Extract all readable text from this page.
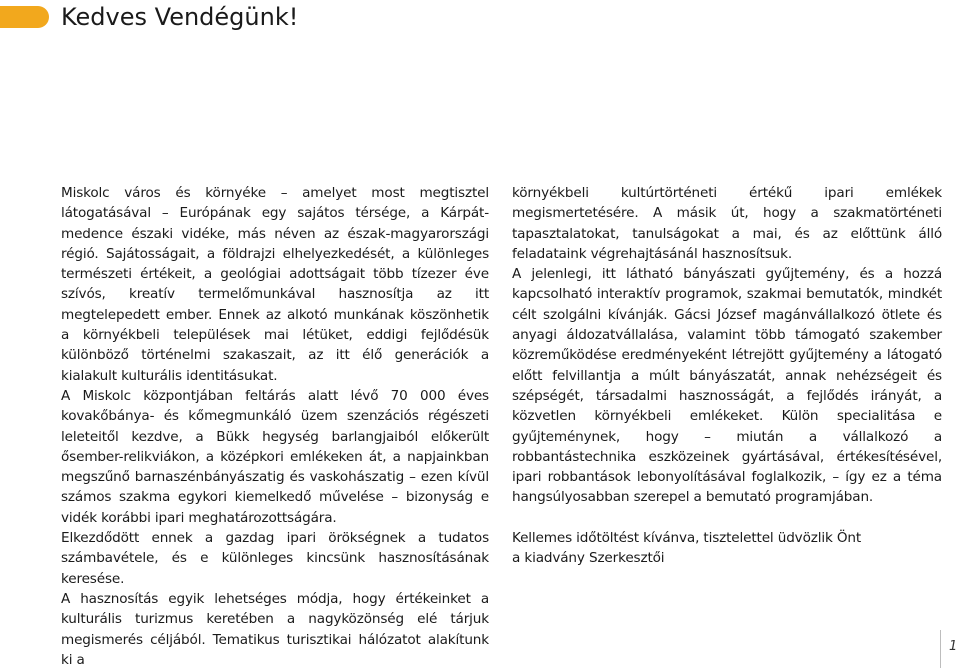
Kedves Vendégünk!

Miskolc város és környéke – amelyet most megtisztel látogatásával – Európának egy sajátos térsége, a Kárpát-medence északi vidéke, más néven az észak-magyarországi régió. Sajátosságait, a földrajzi elhelyezkedését, a különleges természeti értékeit, a geológiai adottságait több tízezer éve szívós, kreatív termelőmunkával hasznosítja az itt megtelepedett ember. Ennek az alkotó munkának köszönhetik a környékbeli települések mai létüket, eddigi fejlődésük különböző történelmi szakaszait, az itt élő generációk a kialakult kulturális identitásukat.

A Miskolc központjában feltárás alatt lévő 70 000 éves kovakőbánya- és kőmegmunkáló üzem szenzációs régészeti leleteitől kezdve, a Bükk hegység barlangjaiból előkerült ősember-relikviákon, a középkori emlékeken át, a napjainkban megszűnő barnaszénbányászatig és vaskohászatig – ezen kívül számos szakma egykori kiemelkedő művelése – bizonyság e vidék korábbi ipari meghatározottságára.

Elkezdődött ennek a gazdag ipari örökségnek a tudatos számbavétele, és e különleges kincsünk hasznosításának keresése.

A hasznosítás egyik lehetséges módja, hogy értékeinket a kulturális turizmus keretében a nagyközönség elé tárjuk megismerés céljából. Tematikus turisztikai hálózatot alakítunk ki a

környékbeli kultúrtörténeti értékű ipari emlékek megismertetésére. A másik út, hogy a szakmatörténeti tapasztalatokat, tanulságokat a mai, és az előttünk álló feladataink végrehajtásánál hasznosítsuk.

A jelenlegi, itt látható bányászati gyűjtemény, és a hozzá kapcsolható interaktív programok, szakmai bemutatók, mindkét célt szolgálni kívánják. Gácsi József magánvállalkozó ötlete és anyagi áldozatvállalása, valamint több támogató szakember közreműködése eredményeként létrejött gyűjtemény a látogató előtt felvillantja a múlt bányászatát, annak nehézségeit és szépségét, társadalmi hasznosságát, a fejlődés irányát, a közvetlen környékbeli emlékeket. Külön specialitása e gyűjteménynek, hogy – miután a vállalkozó a robbantástechnika eszközeinek gyártásával, értékesítésével, ipari robbantások lebonyolításával foglalkozik, – így ez a téma hangsúlyosabban szerepel a bemutató programjában.

Kellemes időtöltést kívánva, tisztelettel üdvözlik Önt
a kiadvány Szerkesztői

1
